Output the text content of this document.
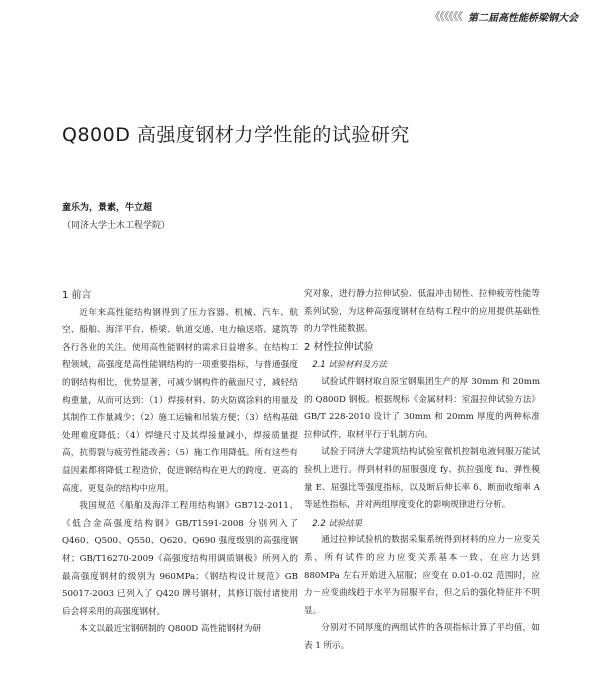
《《《《《《 第二届高性能桥梁钢大会
Q800D 高强度钢材力学性能的试验研究
童乐为，景素，牛立超
（同济大学土木工程学院）

1 前言

近年来高性能结构钢得到了压力容器、机械、汽车、航空、船舶、海洋平台、桥梁、轨道交通、电力输送塔、建筑等各行各业的关注。使用高性能钢材的需求日益增多。在结构工程领域，高强度是高性能钢结构的一项重要指标，与普通强度的钢结构相比，优势显著，可减少钢构件的截面尺寸，减轻结构重量，从而可达到：（1）焊接材料、防火防腐涂料的用量及其制作工作量减少；（2）施工运输和吊装方便；（3）结构基础处理难度降低；（4）焊缝尺寸及其焊接量减小，焊接质量提高，抗剪裂与疲劳性能改善；（5）施工作用降低。所有这些有益因素都将降低工程造价，促进钢结构在更大的跨度、更高的高度、更复杂的结构中应用。

我国规范《船舶及海洋工程用结构钢》GB712-2011、《低合金高强度结构钢》GB/T1591-2008 分别列入了 Q460、Q500、Q550、Q620、Q690 强度级别的高强度钢材；GB/T16270-2009《高强度结构用调质钢板》所列入的最高强度钢材的级别为 960MPa；《钢结构设计规范》GB 50017-2003 已列入了 Q420 牌号钢材，其修订版付诸使用后会将采用的高强度钢材。

本文以最近宝钢研制的 Q800D 高性能钢材为研

究对象，进行静力拉伸试验、低温冲击韧性、拉伸疲劳性能等系列试验，为这种高强度钢材在结构工程中的应用提供基础性的力学性能数据。

2 材性拉伸试验

2.1 试验材料及方法

试验试件钢材取自原宝钢集团生产的厚 30mm 和 20mm 的 Q800D 钢板。根据规标《金属材料：室温拉伸试验方法》GB/T 228-2010 设计了 30mm 和 20mm 厚度的两种标准拉伸试件，取材平行于轧制方向。

试验于同济大学建筑结构试验室微机控制电液伺服万能试验机上进行。得到材料的屈服强度 fy、抗拉强度 fu、弹性模量 E、屈强比等强度指标，以及断后伸长率 δ、断面收缩率 A 等延性指标，并对两组厚度变化的影响规律进行分析。

2.2 试验结果

通过拉伸试验机的数据采集系统得到材料的应力－应变关系，所有试件的应力应变关系基本一致，在应力达到 880MPa 左右开始进入屈服；应变在 0.01-0.02 范围时，应力－应变曲线趋于水平为屈服平台，但之后的强化特征并不明显。

分别对不同厚度的两组试件的各项指标计算了平均值，如表 1 所示。
